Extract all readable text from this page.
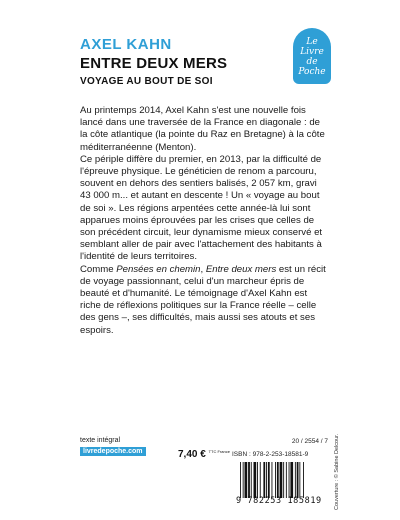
AXEL KAHN
ENTRE DEUX MERS
VOYAGE AU BOUT DE SOI
Le
Livre
de
Poche

Au printemps 2014, Axel Kahn s'est une nouvelle fois lancé dans une traversée de la France en diagonale : de la côte atlantique (la pointe du Raz en Bretagne) à la côte méditerranéenne (Menton).

Ce périple diffère du premier, en 2013, par la difficulté de l'épreuve physique. Le généticien de renom a parcouru, souvent en dehors des sentiers balisés, 2 057 km, gravi 43 000 m... et autant en descente ! Un « voyage au bout de soi ». Les régions arpentées cette année-là lui sont apparues moins éprouvées par les crises que celles de son précédent circuit, leur dynamisme mieux conservé et semblant aller de pair avec l'attachement des habitants à l'identité de leurs territoires.

Comme Pensées en chemin, Entre deux mers est un récit de voyage passionnant, celui d'un marcheur épris de beauté et d'humanité. Le témoignage d'Axel Kahn est riche de réflexions politiques sur la France réelle – celle des gens –, ses difficultés, mais aussi ses atouts et ses espoirs.

texte intégral
livredepoche.com	7,40 € TTC France
20 / 2554 / 7
ISBN : 978-2-253-18581-9
9 782253 185819 Couverture : © Sabine Delcour.
